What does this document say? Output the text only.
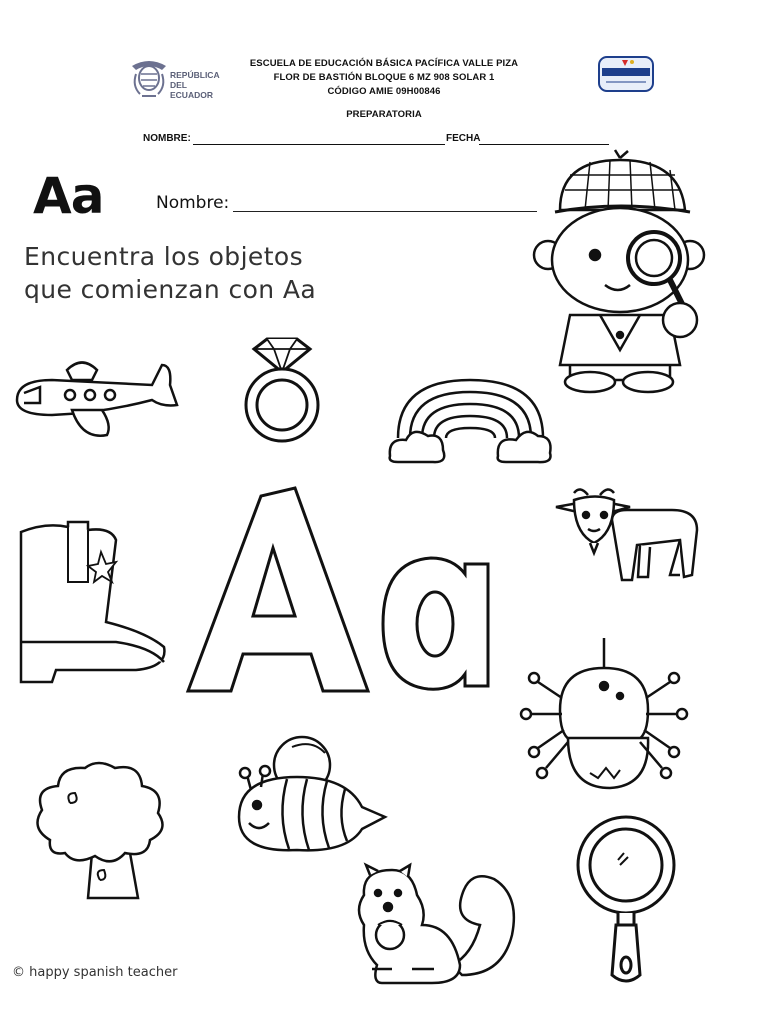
REPÚBLICA
DEL ECUADOR
ESCUELA DE EDUCACIÓN BÁSICA PACÍFICA VALLE PIZA
FLOR DE BASTIÓN BLOQUE 6 MZ 908 SOLAR 1
CÓDIGO AMIE 09H00846
PREPARATORIA
NOMBRE:	FECHA
Aa	Nombre:
Encuentra los objetos
que comienzan con Aa
© happy spanish teacher
